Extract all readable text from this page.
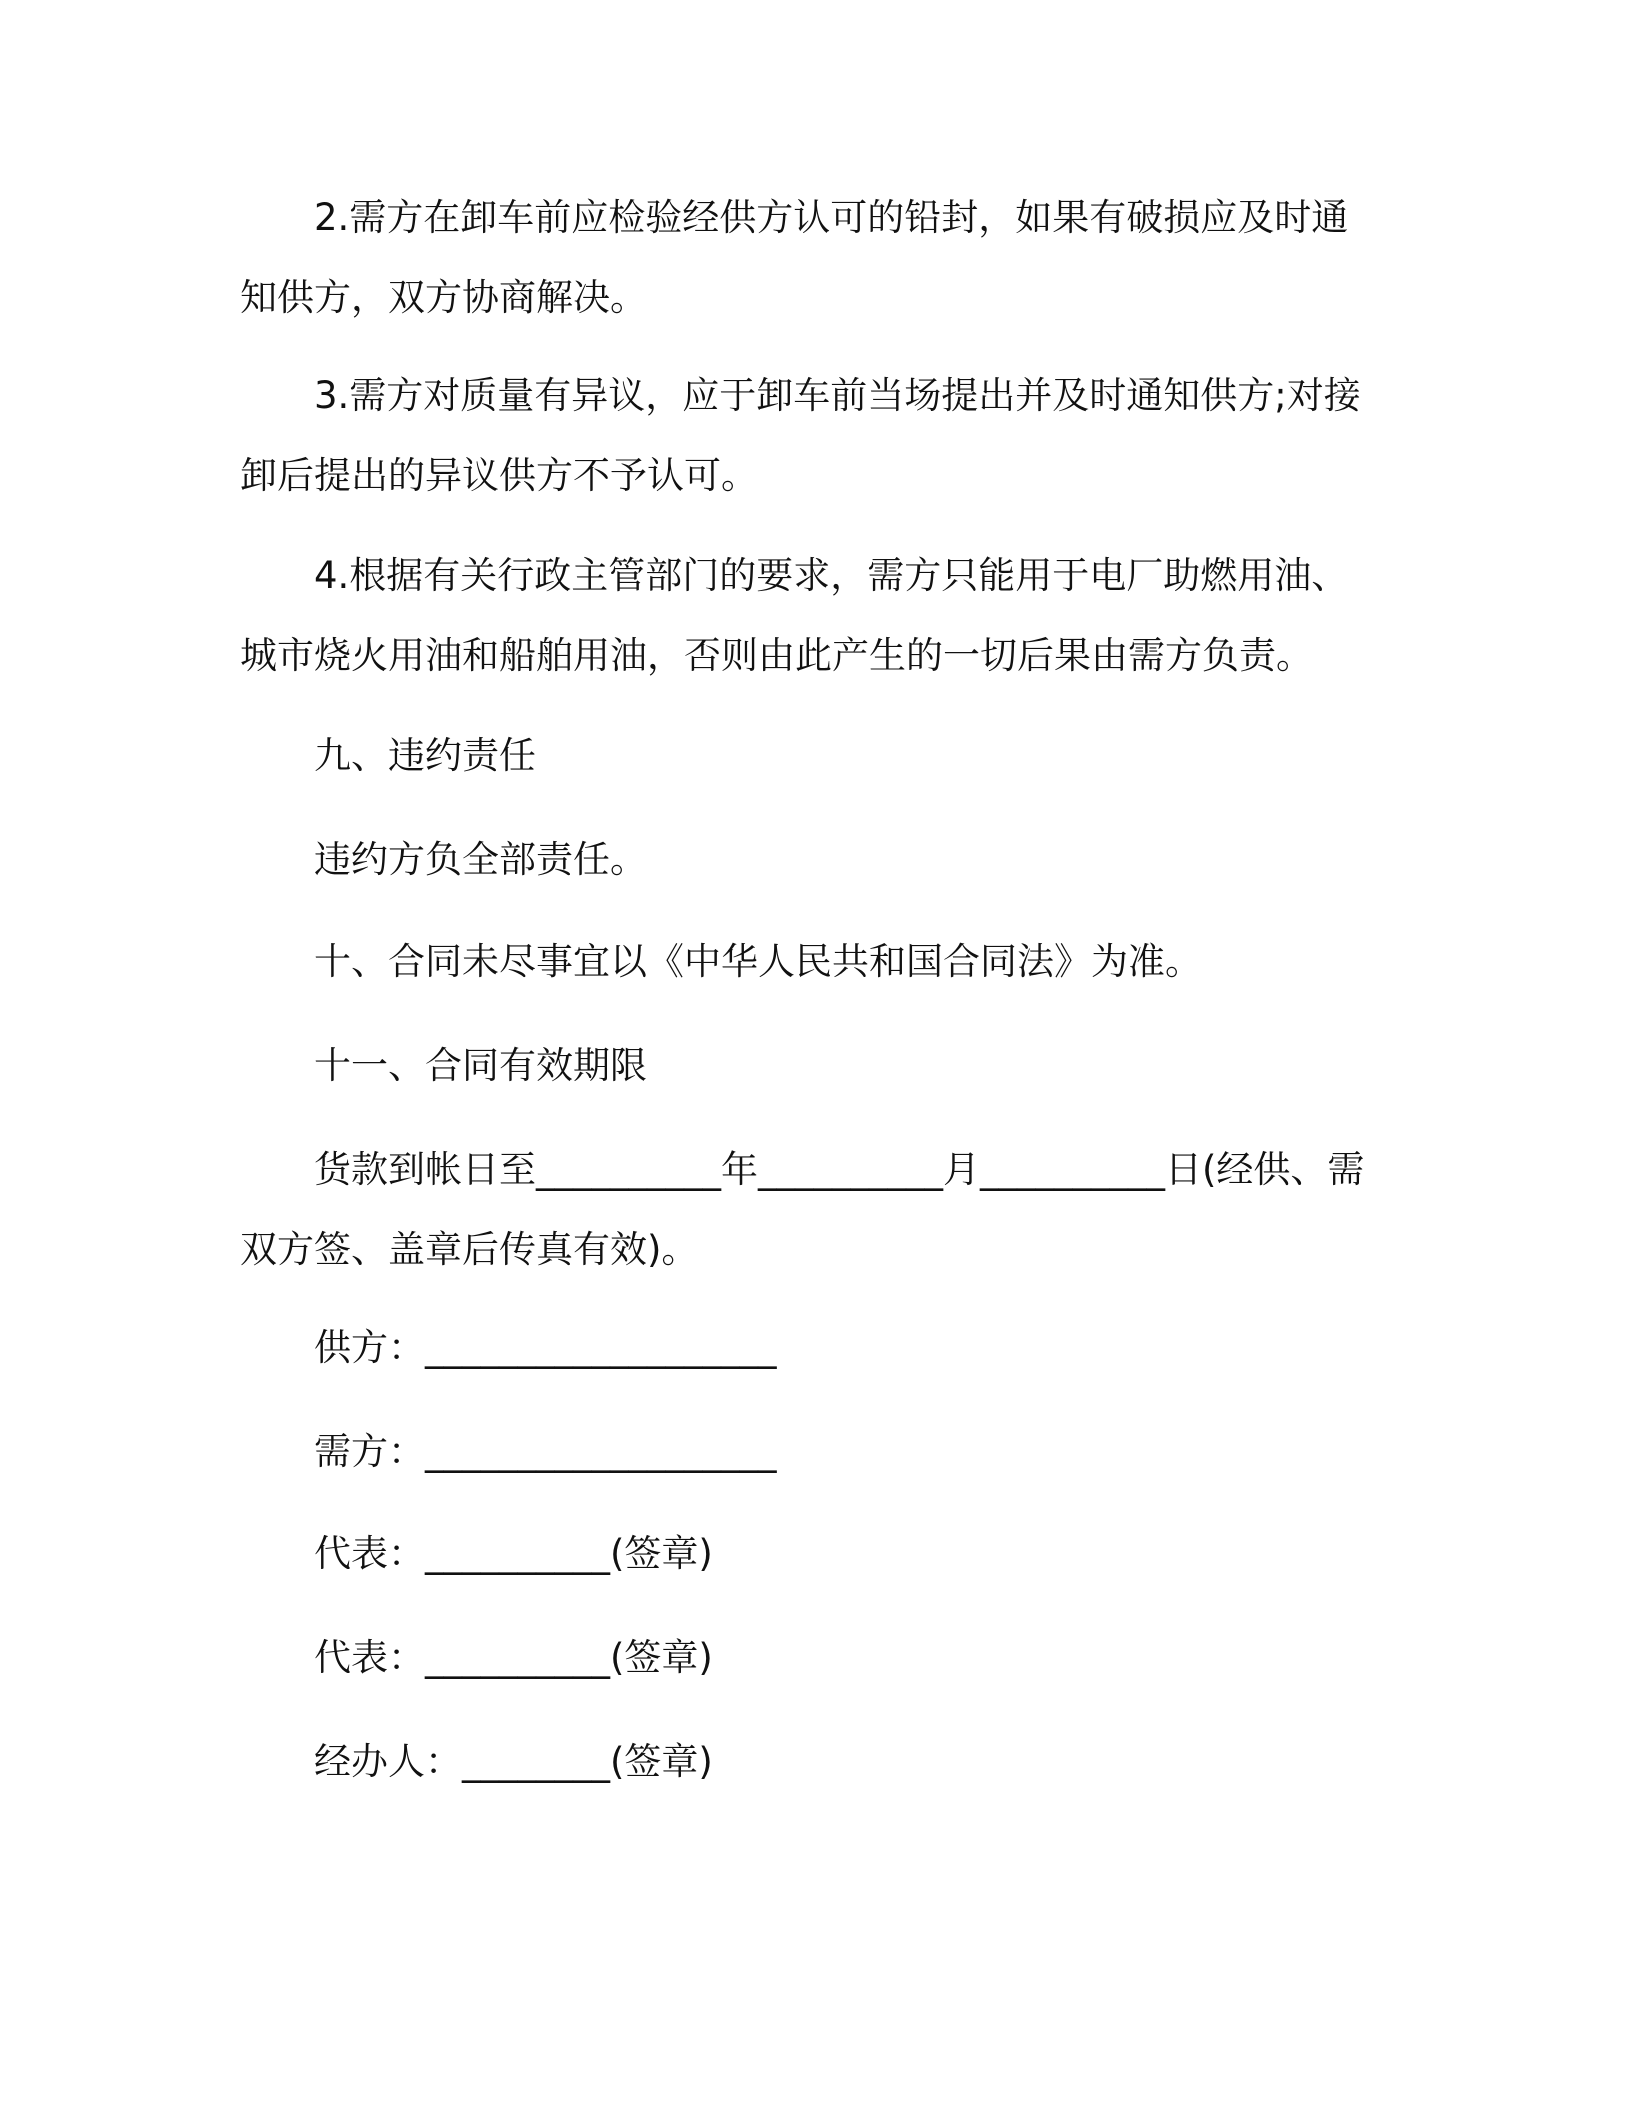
2.需方在卸车前应检验经供方认可的铅封，如果有破损应及时通
知供方，双方协商解决。
3.需方对质量有异议，应于卸车前当场提出并及时通知供方;对接
卸后提出的异议供方不予认可。
4.根据有关行政主管部门的要求，需方只能用于电厂助燃用油、
城市烧火用油和船舶用油，否则由此产生的一切后果由需方负责。

九、违约责任

违约方负全部责任。

十、合同未尽事宜以《中华人民共和国合同法》为准。

十一、合同有效期限

货款到帐日至__________年__________月__________日(经供、需
双方签、盖章后传真有效)。

供方：___________________

需方：___________________

代表：__________(签章)

代表：__________(签章)

经办人：________(签章)
